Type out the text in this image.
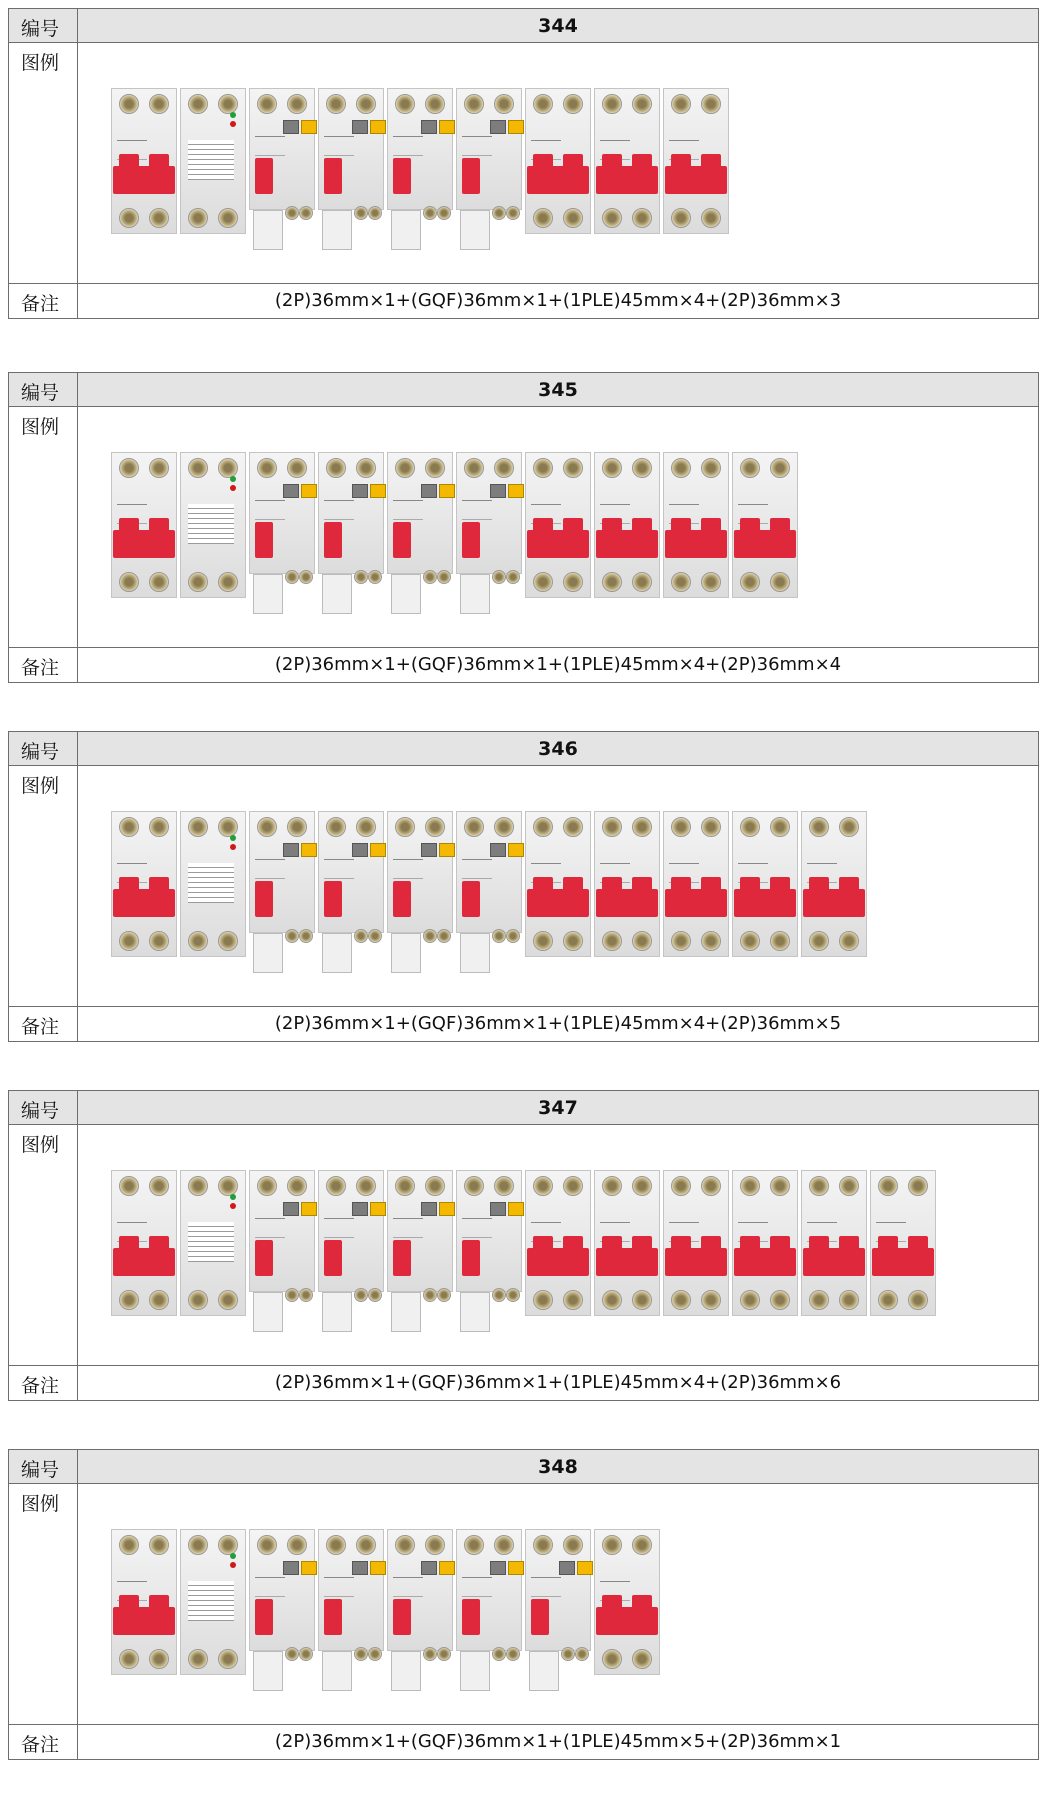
编号	344
图例
备注	(2P)36mm×1+(GQF)36mm×1+(1PLE)45mm×4+(2P)36mm×3
编号	345
图例
备注	(2P)36mm×1+(GQF)36mm×1+(1PLE)45mm×4+(2P)36mm×4
编号	346
图例
备注	(2P)36mm×1+(GQF)36mm×1+(1PLE)45mm×4+(2P)36mm×5
编号	347
图例
备注	(2P)36mm×1+(GQF)36mm×1+(1PLE)45mm×4+(2P)36mm×6
编号	348
图例
备注	(2P)36mm×1+(GQF)36mm×1+(1PLE)45mm×5+(2P)36mm×1
